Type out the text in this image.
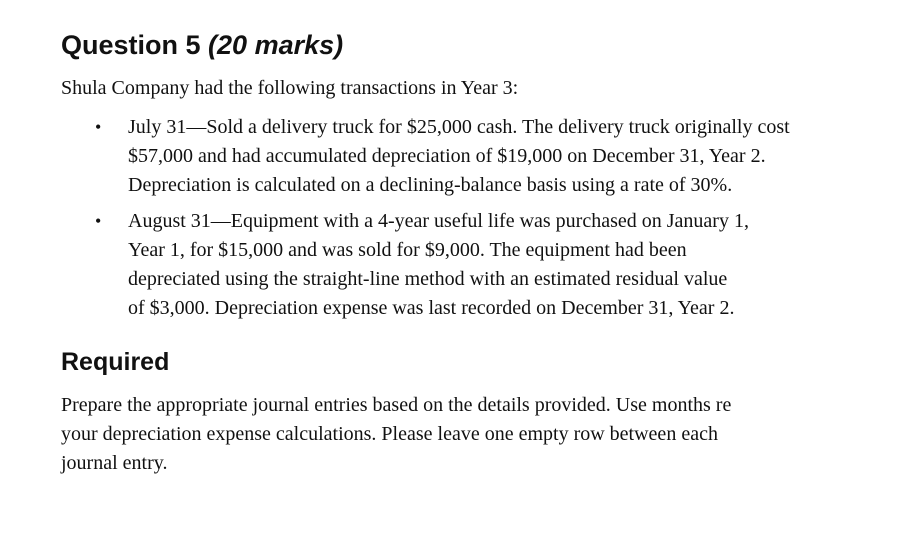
Question 5 (20 marks)

Shula Company had the following transactions in Year 3:

• July 31—Sold a delivery truck for $25,000 cash. The delivery truck originally cost
$57,000 and had accumulated depreciation of $19,000 on December 31, Year 2.
Depreciation is calculated on a declining-balance basis using a rate of 30%.
• August 31—Equipment with a 4-year useful life was purchased on January 1,
Year 1, for $15,000 and was sold for $9,000. The equipment had been
depreciated using the straight-line method with an estimated residual value
of $3,000. Depreciation expense was last recorded on December 31, Year 2.
Required

Prepare the appropriate journal entries based on the details provided. Use months re
your depreciation expense calculations. Please leave one empty row between each
journal entry.
